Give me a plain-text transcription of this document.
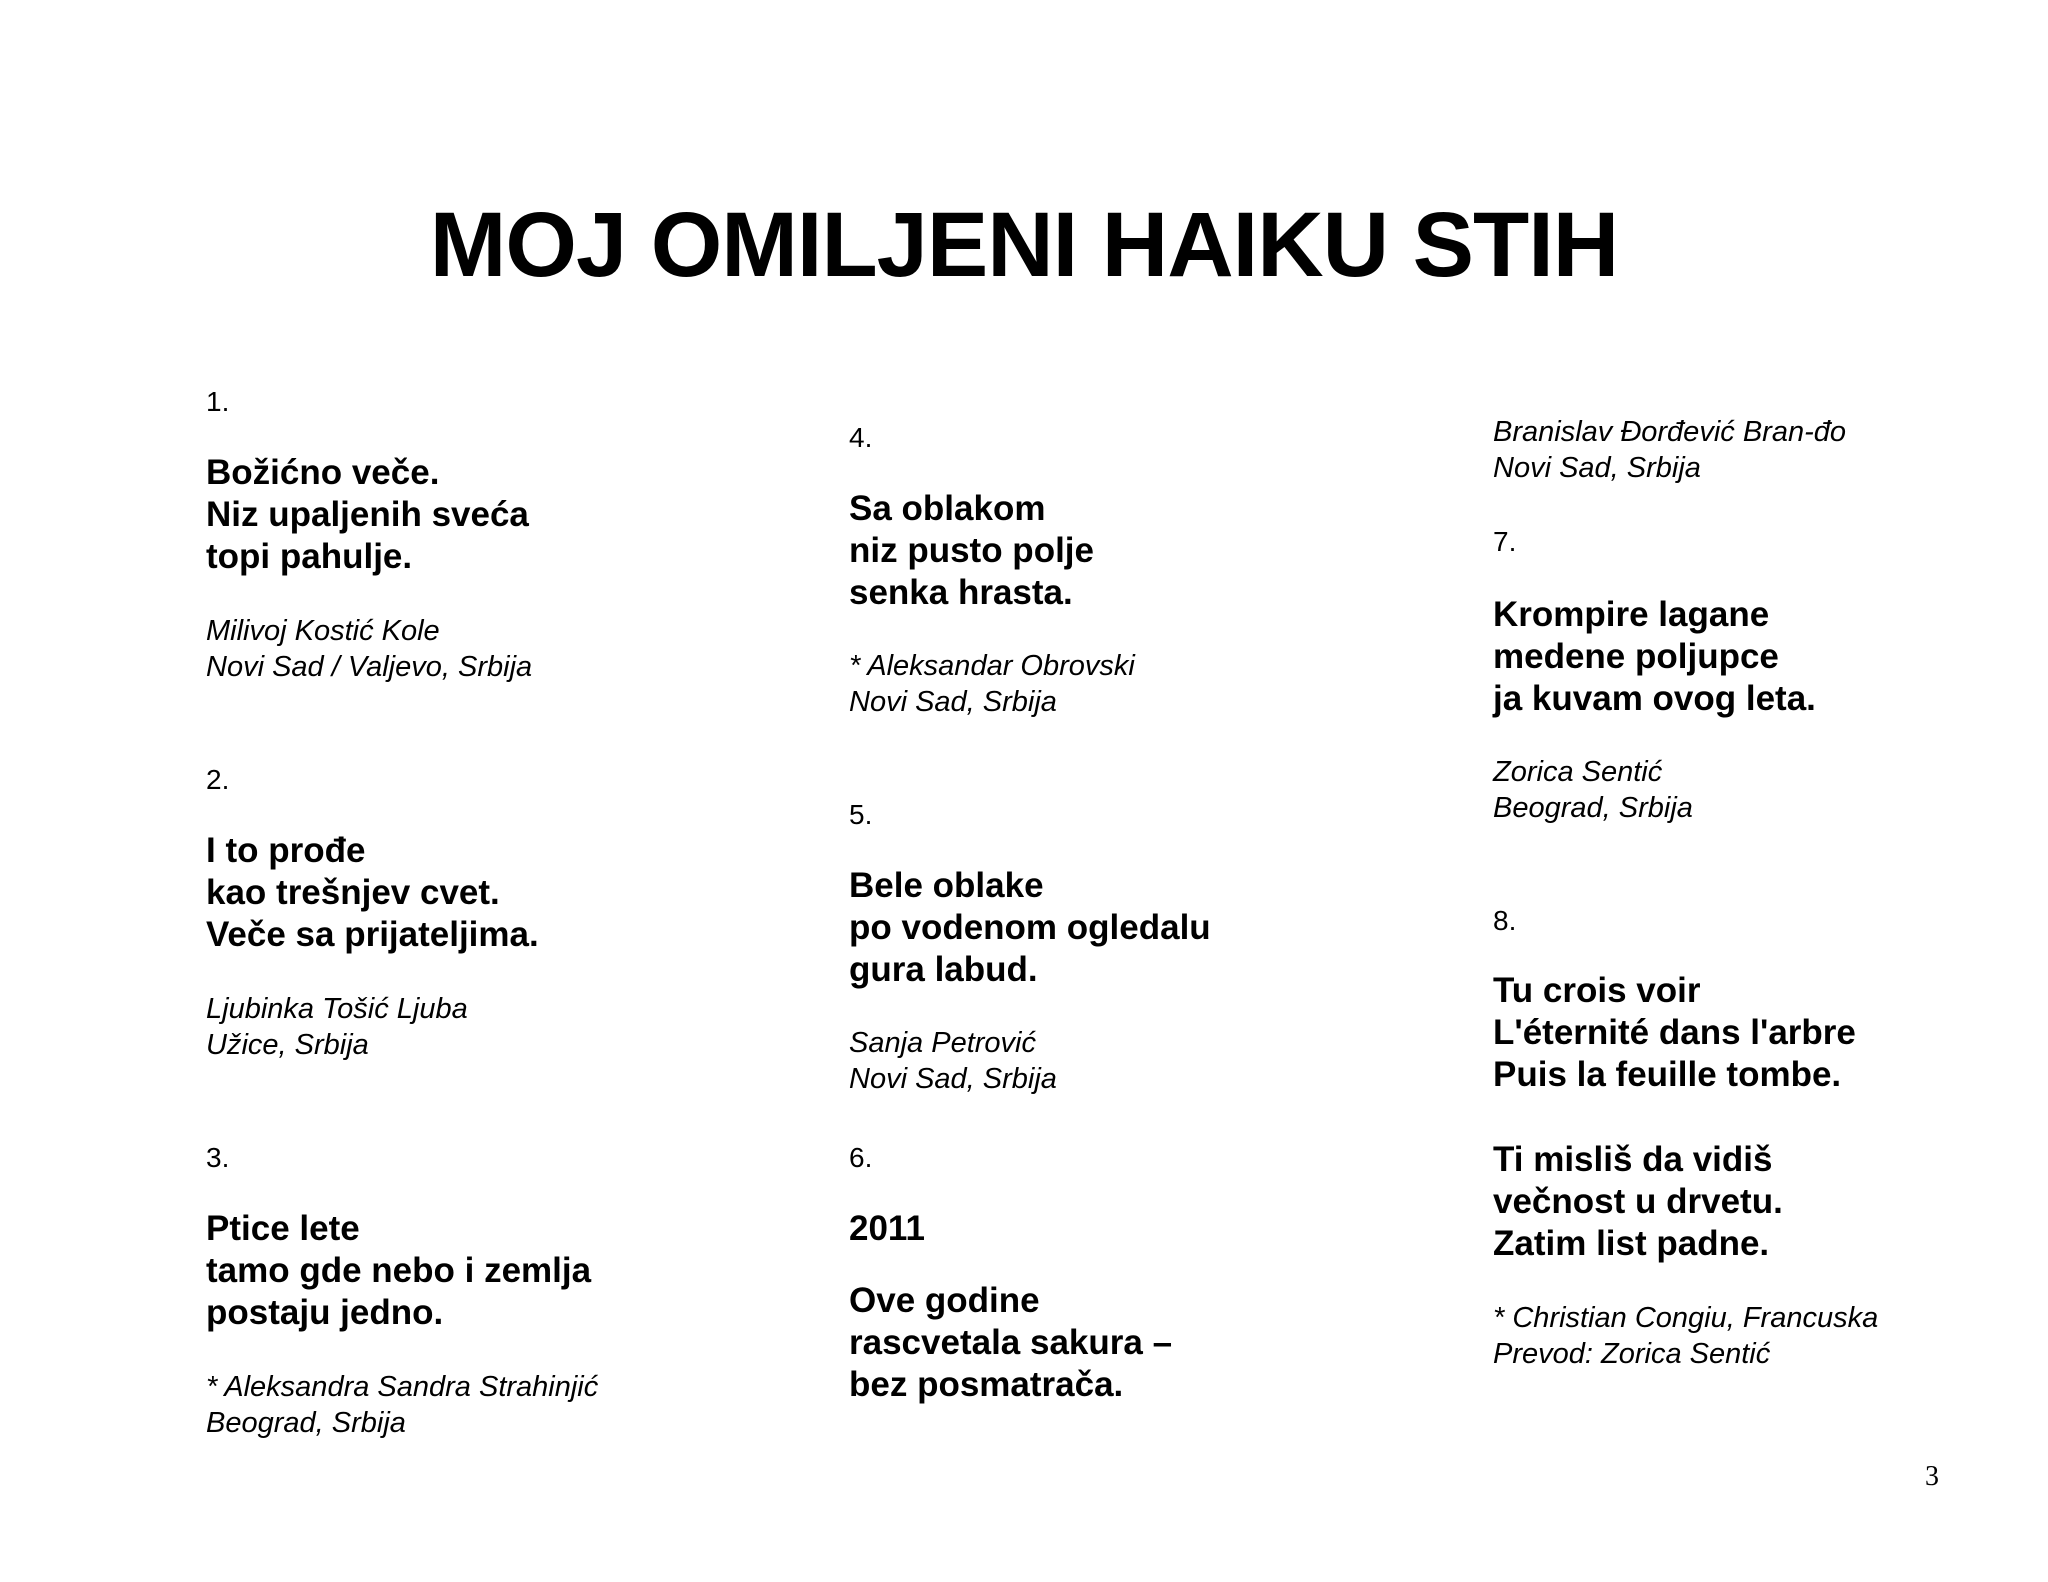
MOJ OMILJENI HAIKU STIH
1.
Božićno veče.
Niz upaljenih sveća
topi pahulje.
Milivoj Kostić Kole
Novi Sad / Valjevo, Srbija
2.
I to prođe
kao trešnjev cvet.
Veče sa prijateljima.
Ljubinka Tošić Ljuba
Užice, Srbija
3.
Ptice lete
tamo gde nebo i zemlja
postaju jedno.
* Aleksandra Sandra Strahinjić
Beograd, Srbija
4.
Sa oblakom
niz pusto polje
senka hrasta.
* Aleksandar Obrovski
Novi Sad, Srbija
5.
Bele oblake
po vodenom ogledalu
gura labud.
Sanja Petrović
Novi Sad, Srbija
6.
2011
Ove godine
rascvetala sakura –
bez posmatrača.
Branislav Đorđević Bran-đo
Novi Sad, Srbija
7.
Krompire lagane
medene poljupce
ja kuvam ovog leta.
Zorica Sentić
Beograd, Srbija
8.
Tu crois voir
L'éternité dans l'arbre
Puis la feuille tombe.
Ti misliš da vidiš
večnost u drvetu.
Zatim list padne.
* Christian Congiu, Francuska
Prevod: Zorica Sentić
3
